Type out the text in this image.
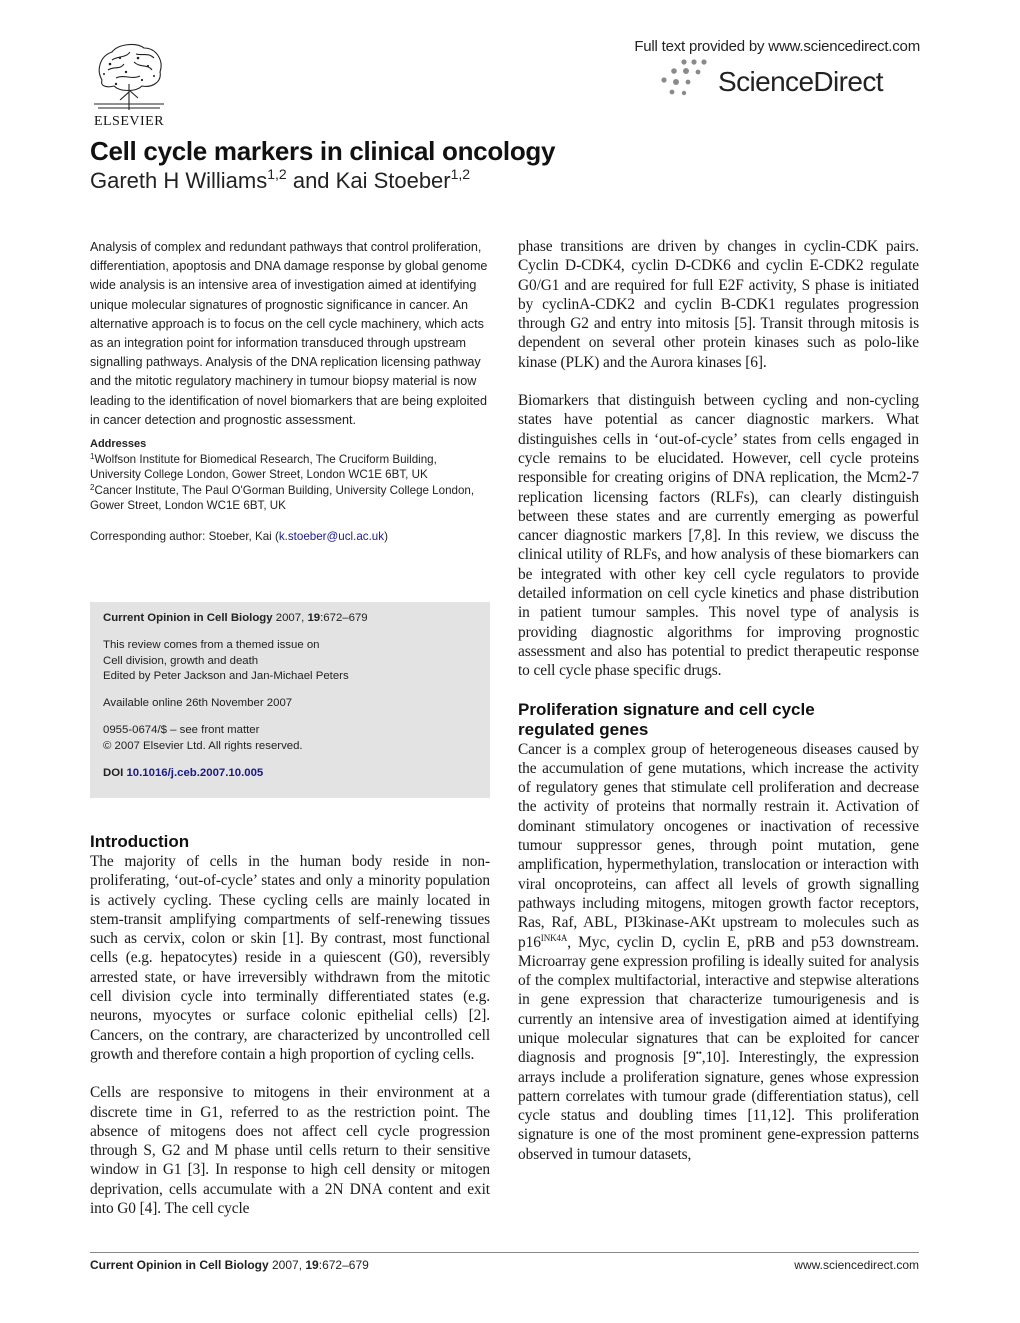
ELSEVIER
Full text provided by www.sciencedirect.com
ScienceDirect
Cell cycle markers in clinical oncology
Gareth H Williams$^{1,2}$ and Kai Stoeber$^{1,2}$

Analysis of complex and redundant pathways that control proliferation, differentiation, apoptosis and DNA damage response by global genome wide analysis is an intensive area of investigation aimed at identifying unique molecular signatures of prognostic significance in cancer. An alternative approach is to focus on the cell cycle machinery, which acts as an integration point for information transduced through upstream signalling pathways. Analysis of the DNA replication licensing pathway and the mitotic regulatory machinery in tumour biopsy material is now leading to the identification of novel biomarkers that are being exploited in cancer detection and prognostic assessment.

Addresses

$^1$Wolfson Institute for Biomedical Research, The Cruciform Building, University College London, Gower Street, London WC1E 6BT, UK

$^2$Cancer Institute, The Paul O'Gorman Building, University College London, Gower Street, London WC1E 6BT, UK

Corresponding author: Stoeber, Kai (k.stoeber@ucl.ac.uk)

Current Opinion in Cell Biology 2007, 19:672–679
This review comes from a themed issue on
Cell division, growth and death
Edited by Peter Jackson and Jan-Michael Peters
Available online 26th November 2007
0955-0674/$ – see front matter
© 2007 Elsevier Ltd. All rights reserved.
DOI 10.1016/j.ceb.2007.10.005
Introduction

The majority of cells in the human body reside in non-proliferating, ‘out-of-cycle’ states and only a minority population is actively cycling. These cycling cells are mainly located in stem-transit amplifying compartments of self-renewing tissues such as cervix, colon or skin [1]. By contrast, most functional cells (e.g. hepatocytes) reside in a quiescent (G0), reversibly arrested state, or have irreversibly withdrawn from the mitotic cell division cycle into terminally differentiated states (e.g. neurons, myocytes or surface colonic epithelial cells) [2]. Cancers, on the contrary, are characterized by uncontrolled cell growth and therefore contain a high proportion of cycling cells.

Cells are responsive to mitogens in their environment at a discrete time in G1, referred to as the restriction point. The absence of mitogens does not affect cell cycle progression through S, G2 and M phase until cells return to their sensitive window in G1 [3]. In response to high cell density or mitogen deprivation, cells accumulate with a 2N DNA content and exit into G0 [4]. The cell cycle

phase transitions are driven by changes in cyclin-CDK pairs. Cyclin D-CDK4, cyclin D-CDK6 and cyclin E-CDK2 regulate G0/G1 and are required for full E2F activity, S phase is initiated by cyclinA-CDK2 and cyclin B-CDK1 regulates progression through G2 and entry into mitosis [5]. Transit through mitosis is dependent on several other protein kinases such as polo-like kinase (PLK) and the Aurora kinases [6].

Biomarkers that distinguish between cycling and non-cycling states have potential as cancer diagnostic markers. What distinguishes cells in ‘out-of-cycle’ states from cells engaged in cycle remains to be elucidated. However, cell cycle proteins responsible for creating origins of DNA replication, the Mcm2-7 replication licensing factors (RLFs), can clearly distinguish between these states and are currently emerging as powerful cancer diagnostic markers [7,8]. In this review, we discuss the clinical utility of RLFs, and how analysis of these biomarkers can be integrated with other key cell cycle regulators to provide detailed information on cell cycle kinetics and phase distribution in patient tumour samples. This novel type of analysis is providing diagnostic algorithms for improving prognostic assessment and also has potential to predict therapeutic response to cell cycle phase specific drugs.

Proliferation signature and cell cycle
regulated genes

Cancer is a complex group of heterogeneous diseases caused by the accumulation of gene mutations, which increase the activity of regulatory genes that stimulate cell proliferation and decrease the activity of proteins that normally restrain it. Activation of dominant stimulatory oncogenes or inactivation of recessive tumour suppressor genes, through point mutation, gene amplification, hypermethylation, translocation or interaction with viral oncoproteins, can affect all levels of growth signalling pathways including mitogens, mitogen growth factor receptors, Ras, Raf, ABL, PI3kinase-AKt upstream to molecules such as $p16^{INK4A}$, Myc, cyclin D, cyclin E, pRB and p53 downstream. Microarray gene expression profiling is ideally suited for analysis of the complex multifactorial, interactive and stepwise alterations in gene expression that characterize tumourigenesis and is currently an intensive area of investigation aimed at identifying unique molecular signatures that can be exploited for cancer diagnosis and prognosis [9••,10]. Interestingly, the expression arrays include a proliferation signature, genes whose expression pattern correlates with tumour grade (differentiation status), cell cycle status and doubling times [11,12]. This proliferation signature is one of the most prominent gene-expression patterns observed in tumour datasets,

Current Opinion in Cell Biology 2007, 19:672–679	www.sciencedirect.com
